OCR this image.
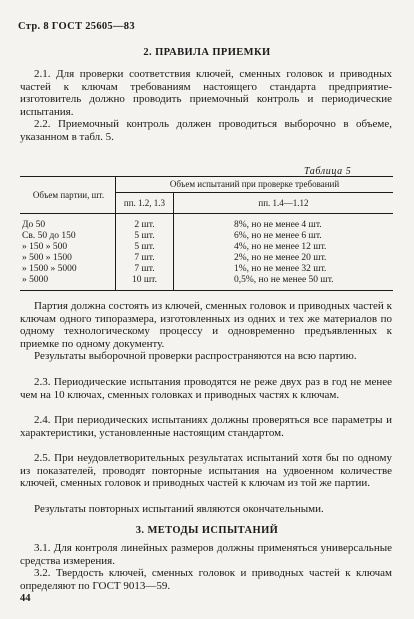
Стр. 8 ГОСТ 25605—83
2. ПРАВИЛА ПРИЕМКИ
2.1. Для проверки соответствия ключей, сменных головок и приводных частей к ключам требованиям настоящего стандарта предприятие-изготовитель должно проводить приемочный контроль и периодические испытания.
2.2. Приемочный контроль должен проводиться выборочно в объеме, указанном в табл. 5.
Таблица 5
Объем партии, шт.	Объем испытаний при проверке требований	
	пп. 1.2, 1.3	пп. 1.4—1.12
До 50	2 шт.	8%, но не менее 4 шт.
Св. 50 до 150	5 шт.	6%, но не менее 6 шт.
» 150 » 500	5 шт.	4%, но не менее 12 шт.
» 500 » 1500	7 шт.	2%, но не менее 20 шт.
» 1500 » 5000	7 шт.	1%, но не менее 32 шт.
» 5000	10 шт.	0,5%, но не менее 50 шт.
Партия должна состоять из ключей, сменных головок и приводных частей к ключам одного типоразмера, изготовленных из одних и тех же материалов по одному технологическому процессу и одновременно предъявленных к приемке по одному документу.
Результаты выборочной проверки распространяются на всю партию.
2.3. Периодические испытания проводятся не реже двух раз в год не менее чем на 10 ключах, сменных головках и приводных частях к ключам.
2.4. При периодических испытаниях должны проверяться все параметры и характеристики, установленные настоящим стандартом.
2.5. При неудовлетворительных результатах испытаний хотя бы по одному из показателей, проводят повторные испытания на удвоенном количестве ключей, сменных головок и приводных частей к ключам из той же партии.
Результаты повторных испытаний являются окончательными.
3. МЕТОДЫ ИСПЫТАНИЙ
3.1. Для контроля линейных размеров должны применяться универсальные средства измерения.
3.2. Твердость ключей, сменных головок и приводных частей к ключам определяют по ГОСТ 9013—59.
44
